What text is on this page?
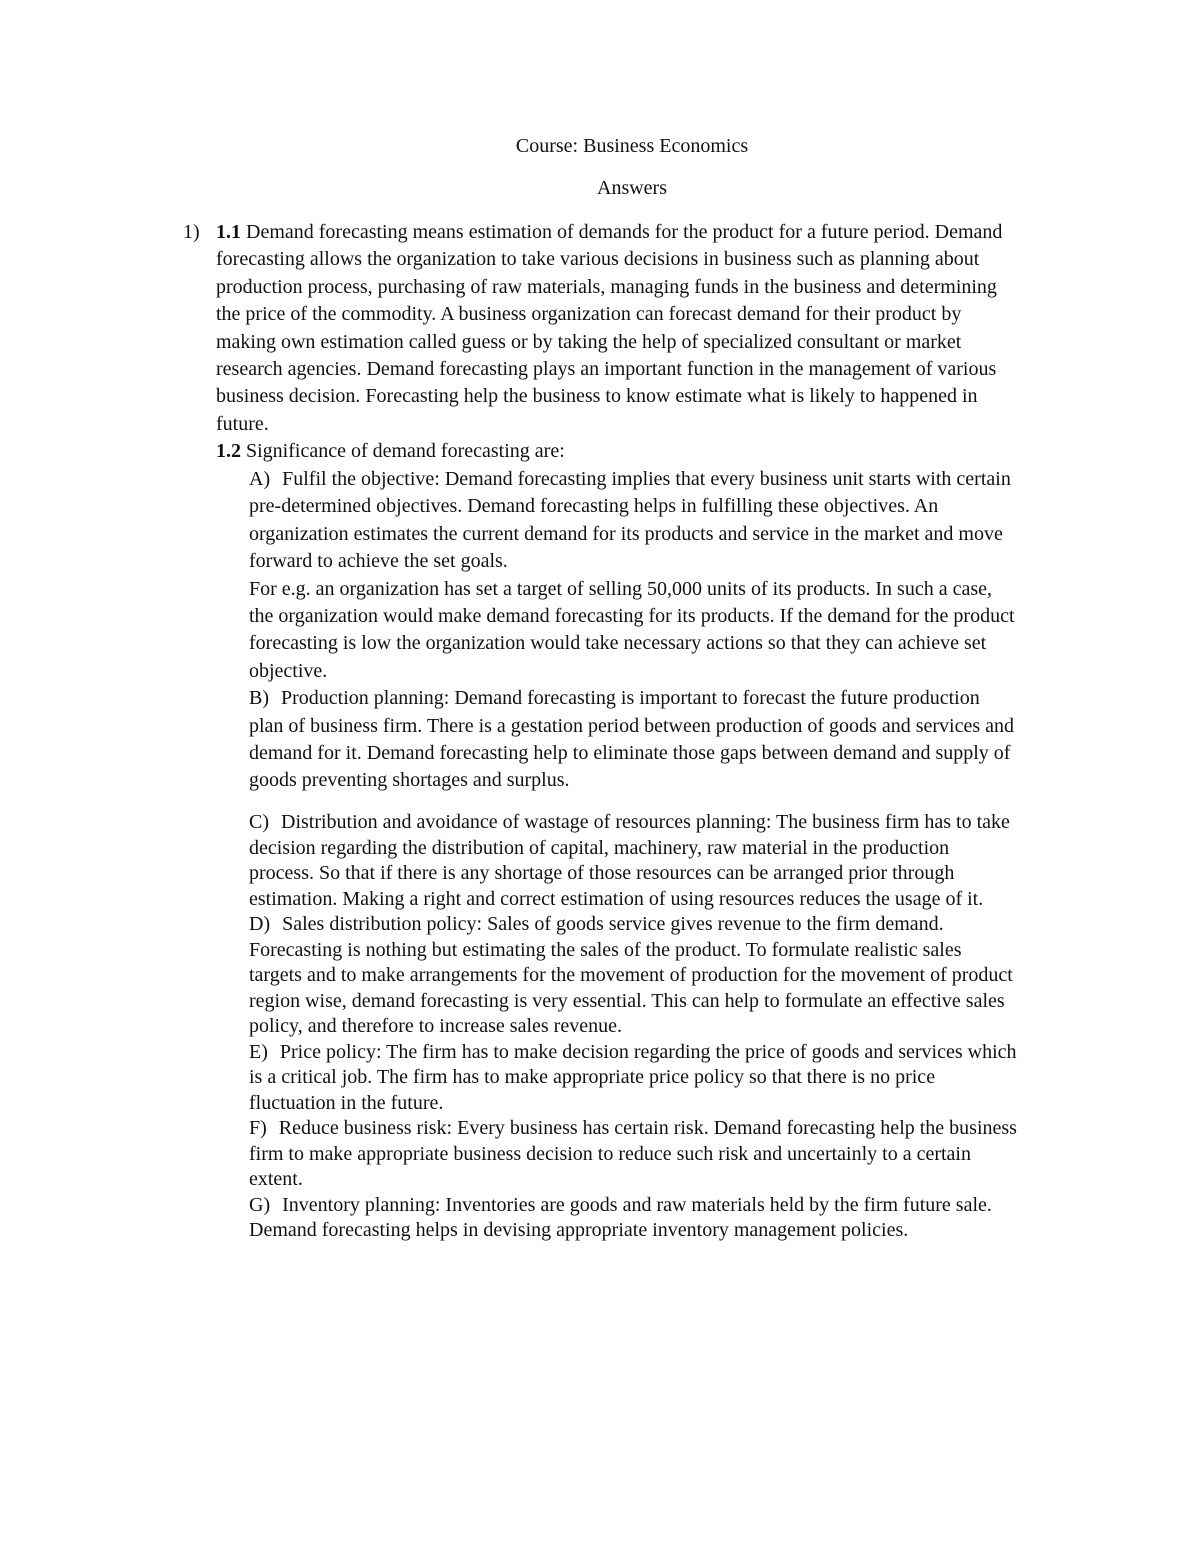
Course: Business Economics
Answers
1) 1.1 Demand forecasting means estimation of demands for the product for a future period. Demand forecasting allows the organization to take various decisions in business such as planning about production process, purchasing of raw materials, managing funds in the business and determining the price of the commodity. A business organization can forecast demand for their product by making own estimation called guess or by taking the help of specialized consultant or market research agencies. Demand forecasting plays an important function in the management of various business decision. Forecasting help the business to know estimate what is likely to happened in future.

1.2 Significance of demand forecasting are:

A) Fulfil the objective: Demand forecasting implies that every business unit starts with certain pre-determined objectives. Demand forecasting helps in fulfilling these objectives. An organization estimates the current demand for its products and service in the market and move forward to achieve the set goals.

For e.g. an organization has set a target of selling 50,000 units of its products. In such a case, the organization would make demand forecasting for its products. If the demand for the product forecasting is low the organization would take necessary actions so that they can achieve set objective.

B) Production planning: Demand forecasting is important to forecast the future production plan of business firm. There is a gestation period between production of goods and services and demand for it. Demand forecasting help to eliminate those gaps between demand and supply of goods preventing shortages and surplus.

C) Distribution and avoidance of wastage of resources planning: The business firm has to take decision regarding the distribution of capital, machinery, raw material in the production process. So that if there is any shortage of those resources can be arranged prior through estimation. Making a right and correct estimation of using resources reduces the usage of it.

D) Sales distribution policy: Sales of goods service gives revenue to the firm demand. Forecasting is nothing but estimating the sales of the product. To formulate realistic sales targets and to make arrangements for the movement of production for the movement of product region wise, demand forecasting is very essential. This can help to formulate an effective sales policy, and therefore to increase sales revenue.

E) Price policy: The firm has to make decision regarding the price of goods and services which is a critical job. The firm has to make appropriate price policy so that there is no price fluctuation in the future.

F) Reduce business risk: Every business has certain risk. Demand forecasting help the business firm to make appropriate business decision to reduce such risk and uncertainly to a certain extent.

G) Inventory planning: Inventories are goods and raw materials held by the firm future sale. Demand forecasting helps in devising appropriate inventory management policies.
